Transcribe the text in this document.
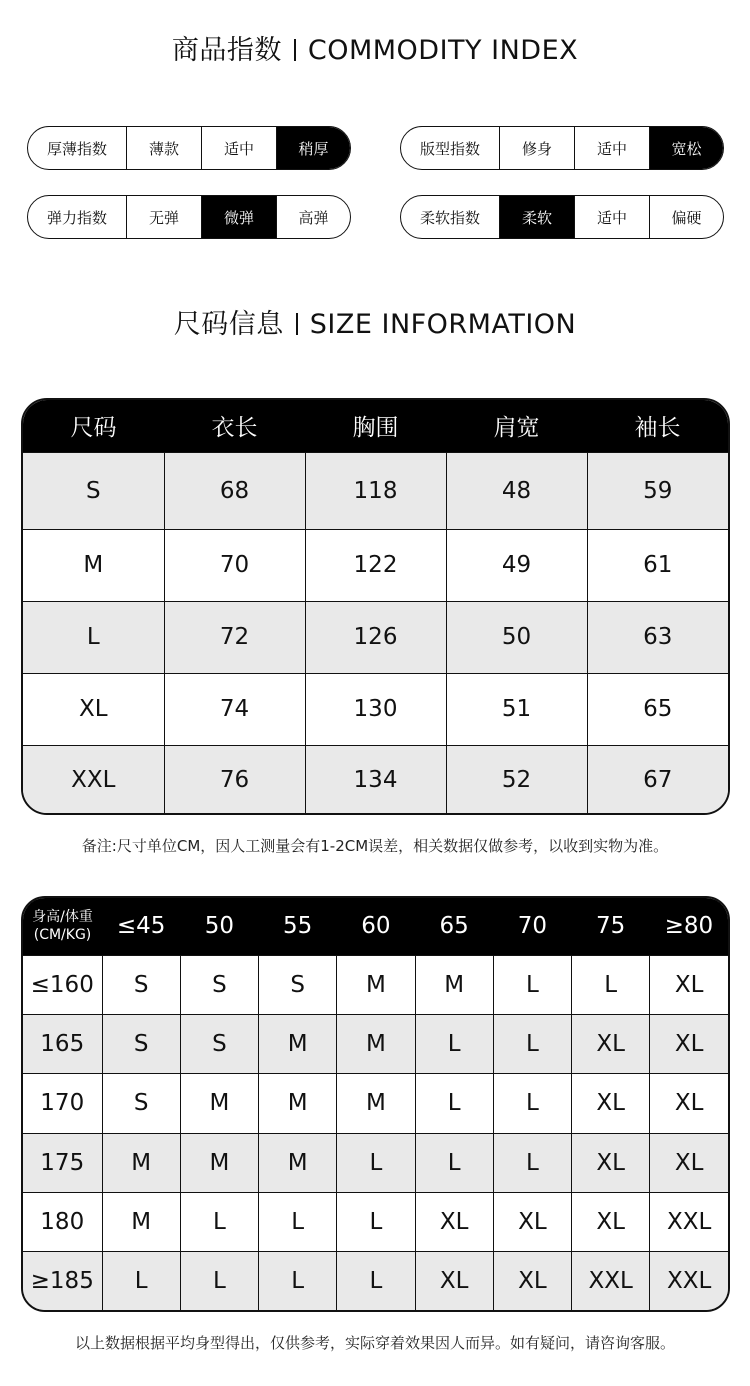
商品指数 COMMODITY INDEX
厚薄指数	薄款	适中	稍厚	版型指数	修身	适中	宽松
弹力指数	无弹	微弹	高弹	柔软指数	柔软	适中	偏硬
尺码信息 SIZE INFORMATION
尺码	衣长	胸围	肩宽	袖长
S	68	118	48	59
M	70	122	49	61
L	72	126	50	63
XL	74	130	51	65
XXL	76	134	52	67
备注:尺寸单位CM，因人工测量会有1-2CM误差，相关数据仅做参考，以收到实物为准。
身高/体重
(CM/KG)	≤45	50	55	60	65	70	75	≥80
≤160	S	S	S	M	M	L	L	XL
165	S	S	M	M	L	L	XL	XL
170	S	M	M	M	L	L	XL	XL
175	M	M	M	L	L	L	XL	XL
180	M	L	L	L	XL	XL	XL	XXL
≥185	L	L	L	L	XL	XL	XXL	XXL
以上数据根据平均身型得出，仅供参考，实际穿着效果因人而异。如有疑问，请咨询客服。
